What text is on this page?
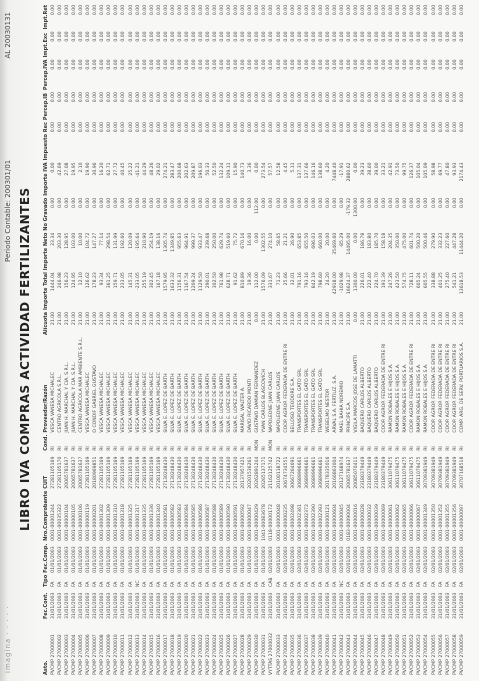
imagina · · · · ·
Periodo Contable: 200301/01
AL 20030131
LIBRO IVA COMPRAS ACTIVIDAD FERTILIZANTES
Asto.	Fec.Cont.	Tipo	Fec.Comp.	Nro.Comprobante	CUIT	Cond.	Proveedor/Razón	Alícuota	Importe Total	Importe Neto	No Gravado	Importe IVA	Impuesto Rec	Percep.IB	Percep.IVA	Impt.Exc	Impt.Ret
PVCMP 27000001	31/01/2003	FA	01/01/2003	0001-00001244	27281105169	RI	VESCA VANESA MICHALEC	21.00	1444.04	23.34	0.00	0.00	0.00	0.00	0.00	0.00	0.00
PVCMP 27000002	31/01/2003	FA	01/01/2003	0001-00035322	27281105170	RI	CENTRO AGRICOLA S.R.L.	21.00	246.98	203.30	0.00	42.69	0.00	0.00	0.00	0.00	0.00
PVCMP 27000003	31/01/2003	FA	01/01/2003	0001-00000104	20065781637	RI	JUAN H. MARCHAL Y CIA. S.R.L.	21.00	156.23	128.95	0.00	27.08	0.00	0.00	0.00	0.00	0.00
PVCMP 27000004	31/01/2003	FA	01/01/2003	0001-00000105	20065781637	RI	JUAN H. MARCHAL Y CIA. S.R.L.	21.00	124.95	103.00	0.00	19.95	0.00	0.00	0.00	0.00	0.00
PVCMP 27000005	31/01/2003	FA	01/01/2003	0001-00000106	20065781637	RI	CENTRO AGRICOLA MAR AMBIENTE S.R.L.	21.00	12.10	10.00	0.00	2.10	0.00	0.00	0.00	0.00	0.00
PVCMP 27000006	31/01/2003	FA	01/01/2003	0001-00000119	27281105169	RI	VESCA VANESA MICHALEC	21.00	126.62	104.72	0.00	19.90	0.00	0.00	0.00	0.00	0.00
PVCMP 27000007	31/01/2003	FA	01/01/2003	0001-00000201	20180969851	RI	O CONDIF GABRIEL GUSTAVO	21.00	178.23	147.27	0.00	30.96	0.00	0.00	0.00	0.00	0.00
PVCMP 27000008	31/01/2003	FA	01/01/2003	0001-00001302	27281105169	RI	VESCA VANESA MICHALEC	21.00	93.34	77.14	0.00	16.20	0.00	0.00	0.00	0.00	0.00
PVCMP 27000009	31/01/2003	FA	01/01/2003	0001-00001309	27281105169	RI	VESCA VANESA MICHALEC	21.00	361.25	298.54	0.00	62.71	0.00	0.00	0.00	0.00	0.00
PVCMP 27000010	31/01/2003	FA	01/01/2003	0001-00001310	27281105169	RI	VESCA VANESA MICHALEC	21.00	159.71	131.99	0.00	27.72	0.00	0.00	0.00	0.00	0.00
PVCMP 27000011	31/01/2003	FA	01/01/2003	0001-00001318	27281105169	RI	VESCA VANESA MICHALEC	21.00	233.05	192.60	0.00	40.45	0.00	0.00	0.00	0.00	0.00
PVCMP 27000012	31/01/2003	FA	01/01/2003	0001-00001325	27281105169	RI	VESCA VANESA MICHALEC	21.00	145.31	120.09	0.00	25.22	0.00	0.00	0.00	0.00	0.00
PVCMP 27000013	31/01/2003	NC	01/01/2003	0001-00001317	27281105169	RI	VESCA VANESA MICHALEC	21.00	-233.05	-195.64	0.00	-41.21	0.00	0.00	0.00	0.00	0.00
PVCMP 27000014	31/01/2003	FA	01/01/2003	0001-00001335	27281105169	RI	VESCA VANESA MICHALEC	21.00	255.19	210.90	0.00	44.29	0.00	0.00	0.00	0.00	0.00
PVCMP 27000015	31/01/2003	FA	01/01/2003	0001-00001336	27281105169	RI	VESCA VANESA MICHALEC	21.00	302.45	254.19	0.00	48.26	0.00	0.00	0.00	0.00	0.00
PVCMP 27000016	31/01/2003	FA	01/01/2003	0001-00001340	27281105169	RI	VESCA VANESA MICHALEC	21.00	167.18	138.16	0.00	29.02	0.00	0.00	0.00	0.00	0.00
PVCMP 27000017	31/01/2003	FA	01/01/2003	0001-00000581	27130248430	RI	SILVA E. LOPEZ DE BARTH	21.00	1579.95	1305.74	0.00	274.21	0.00	0.00	0.00	0.00	0.00
PVCMP 27000018	31/01/2003	FA	01/01/2003	0001-00000582	27130248430	RI	SILVA E. LOPEZ DE BARTH	21.00	1633.32	1349.85	0.00	283.47	0.00	0.00	0.00	0.00	0.00
PVCMP 27000019	31/01/2003	FA	01/01/2003	0001-00000583	27130248430	RI	SILVA E. LOPEZ DE BARTH	21.00	1156.31	955.63	0.00	200.68	0.00	0.00	0.00	0.00	0.00
PVCMP 27000020	31/01/2003	FA	01/01/2003	0001-00000584	27130248430	RI	SILVA E. LOPEZ DE BARTH	21.00	1167.54	964.91	0.00	202.63	0.00	0.00	0.00	0.00	0.00
PVCMP 27000021	31/01/2003	FA	01/01/2003	0001-00000585	27130248430	RI	SILVA E. LOPEZ DE BARTH	21.00	1209.24	999.37	0.00	209.87	0.00	0.00	0.00	0.00	0.00
PVCMP 27000022	31/01/2003	FA	01/01/2003	0001-00000586	27130248430	RI	SILVA E. LOPEZ DE BARTH	21.00	1129.50	933.47	0.00	196.03	0.00	0.00	0.00	0.00	0.00
PVCMP 27000023	31/01/2003	FA	01/01/2003	0001-00000587	27130248430	RI	SILVA E. LOPEZ DE BARTH	21.00	290.01	239.68	0.00	50.33	0.00	0.00	0.00	0.00	0.00
PVCMP 27000024	31/01/2003	FA	01/01/2003	0001-00000588	27130248430	RI	SILVA E. LOPEZ DE BARTH	21.00	302.50	250.00	0.00	52.50	0.00	0.00	0.00	0.00	0.00
PVCMP 27000025	31/01/2003	FA	01/01/2003	0001-00000589	27130248430	RI	SILVA E. LOPEZ DE BARTH	21.00	761.98	629.74	0.00	132.24	0.00	0.00	0.00	0.00	0.00
PVCMP 27000026	31/01/2003	FA	01/01/2003	0001-00000590	27130248430	RI	SILVA E. LOPEZ DE BARTH	21.00	628.71	519.60	0.00	109.11	0.00	0.00	0.00	0.00	0.00
PVCMP 27000027	31/01/2003	FA	01/01/2003	0001-00000591	27130248430	RI	SILVA E. LOPEZ DE BARTH	21.00	91.62	75.72	0.00	15.90	0.00	0.00	0.00	0.00	0.00
PVCMP 27000028	31/01/2003	FA	01/01/2003	0001-00000592	20137957421	RI	MARISAL WALTER A.	21.00	810.89	670.16	0.00	140.73	0.00	0.00	0.00	0.00	0.00
PVCMP 27000029	31/01/2003	FA	01/01/2003	0001-00000047	20201536261	RI	DAVID RICARDO MONTI	21.00	19.36	16.00	0.00	3.36	0.00	0.00	0.00	0.00	0.00
PVCMP 27000030	31/01/2003	FA	01/01/2003	0001-00000429	20262891244	MON	GUSTAVO DAMIAN FERNANDEZ	0.00	112.00	0.00	112.00	0.00	0.00	0.00	0.00	0.00	0.00
PVCMP 27000031	31/01/2003	FA	01/01/2003	1041-00083678	20265137171	RI	YVAN CARLOS BLASCOVICH	21.00	1576.09	1302.55	0.00	273.54	0.00	0.00	0.00	0.00	0.00
VYTTAS 27000032	31/01/2003	CAB	02/01/2003	0118-00000172	21162125742	MON	NAPOLEONE JUAN CARLOS	21.00	331.67	274.10	0.00	57.57	0.00	0.00	0.00	0.00	0.00
PVCMP 27000033	31/01/2003	FA	02/01/2003	0001-00000048	20100118722	RI	NAPOLEONE JUAN CARLOS	21.00	71.23	58.65	0.00	12.58	0.00	0.00	0.00	0.00	0.00
PVCMP 27000034	31/01/2003	FA	02/01/2003	0001-00000235	30674734551	RI	COOP. AGROP. FEDERADA DE ENTRE RI	21.00	25.66	21.21	0.00	4.45	0.00	0.00	0.00	0.00	0.00
PVCMP 27000035	31/01/2003	FA	02/01/2003	0001-00002498	30667264691	RI	BELLOSO TEODORE S.A.	21.00	32.01	26.90	0.00	5.11	0.00	0.00	0.00	0.00	0.00
PVCMP 27000036	31/01/2003	FA	02/01/2003	0001-00002361	30689996661	RI	TRANSPORTES EL GATO SRL	21.00	791.16	653.85	0.00	137.31	0.00	0.00	0.00	0.00	0.00
PVCMP 27000037	31/01/2003	FA	02/01/2003	0001-00002372	30689996661	RI	TRANSPORTES EL GATO SRL	21.00	793.16	655.50	0.00	137.66	0.00	0.00	0.00	0.00	0.00
PVCMP 27000038	31/01/2003	FA	02/01/2003	0001-00002390	30689996661	RI	TRANSPORTES EL GATO SRL	21.00	842.19	696.03	0.00	146.16	0.00	0.00	0.00	0.00	0.00
PVCMP 27000039	31/01/2003	FA	02/01/2003	0001-00002393	30689996661	RI	TRANSPORTES EL GATO SRL	21.00	798.60	660.00	0.00	138.60	0.00	0.00	0.00	0.00	0.00
PVCMP 27000040	31/01/2003	FA	02/01/2003	0001-00000121	20178335016	RI	WEBELMO NESTOR	21.00	24.20	20.00	0.00	4.20	0.00	0.00	0.00	0.00	0.00
PVCMP 27000041	31/01/2003	FA	02/01/2003	0001-00000604	20166863004	RI	ARVAL S.A. FERTILIZ. S.A.	21.00	42918.00	35469.60	0.00	7448.40	0.00	0.00	0.00	0.00	0.00
PVCMP 27000042	31/01/2003	NC	02/01/2003	0001-00000045	20127168974	RI	MAEL BAHIA NOREMIO	21.00	-1029.98	-85.29	0.00	-17.91	0.00	0.00	0.00	0.00	0.00
PVCMP 27000043	31/01/2003	FA	02/01/2003	0183-00090004	20065781637	RI	PRINCIPE S.A.	21.00	16624.37	14495.00	-179.32	2880.62	0.00	0.00	0.00	0.00	0.00
PVCMP 27000044	31/01/2003	FA	02/01/2003	0001-00000016	20085070411	RI	VIGILA MARCOS JOSE DE LAMATTI	0.00	1300.00	0.00	1300.00	0.00	0.00	0.00	0.00	0.00	0.00
PVCMP 27000045	31/01/2003	FA	02/01/2003	0001-00000028	23180379449	RI	BAQUERO CARLOS ALBERTO	21.00	226.01	186.78	0.00	39.23	0.00	0.00	0.00	0.00	0.00
PVCMP 27000046	31/01/2003	FA	02/01/2003	0001-00000032	23180379449	RI	BAQUERO CARLOS ALBERTO	21.00	222.40	183.80	0.00	38.60	0.00	0.00	0.00	0.00	0.00
PVCMP 27000047	31/01/2003	FA	02/01/2003	0001-00000039	23180379449	RI	BAQUERO CARLOS ALBERTO	21.00	224.70	185.70	0.00	39.00	0.00	0.00	0.00	0.00	0.00
PVCMP 27000048	31/01/2003	FA	02/01/2003	0001-00000069	23180379449	RI	COOP. AGROP. FEDERADA DE ENTRE RI	21.00	191.39	158.18	0.00	33.21	0.00	0.00	0.00	0.00	0.00
PVCMP 27000049	31/01/2003	FA	02/01/2003	0001-00000061	30611079475	RI	RAMON ROBALES E HIJOS S.A.	21.00	247.26	204.35	0.00	42.91	0.00	0.00	0.00	0.00	0.00
PVCMP 27000050	31/01/2003	FA	02/01/2003	0001-00000062	30611079475	RI	RAMON ROBALES E HIJOS S.A.	21.00	423.50	350.00	0.00	73.50	0.00	0.00	0.00	0.00	0.00
PVCMP 27000051	31/01/2003	FA	02/01/2003	0001-00000065	30611079475	RI	RAMON ROBALES E HIJOS S.A.	21.00	574.75	475.00	0.00	99.75	0.00	0.00	0.00	0.00	0.00
PVCMP 27000052	31/01/2003	FA	02/01/2003	0001-00000066	30611079475	RI	COOP. AGROP. FEDERADA DE ENTRE RI	21.00	728.11	601.74	0.00	126.37	0.00	0.00	0.00	0.00	0.00
PVCMP 27000053	31/01/2003	FA	02/01/2003	0001-00000067	30611079475	RI	RAMON ROBALES E HIJOS S.A.	21.00	605.24	500.20	0.00	105.04	0.00	0.00	0.00	0.00	0.00
PVCMP 27000054	31/01/2003	FA	02/01/2003	0001-00001349	30709381949	RI	RAMON ROBALES E HIJOS S.A.	21.00	605.55	500.46	0.00	105.09	0.00	0.00	0.00	0.00	0.00
PVCMP 27000055	31/01/2003	FA	02/01/2003	0001-00001350	30709381949	RI	COOP. AGROP. FEDERADA DE ENTRE RI	21.00	338.88	279.90	0.00	58.98	0.00	0.00	0.00	0.00	0.00
PVCMP 27000056	31/01/2003	FA	02/01/2003	0001-00001352	30709381949	RI	COOP. AGROP. FEDERADA DE ENTRE RI	21.00	401.25	332.23	0.00	69.77	0.00	0.00	0.00	0.00	0.00
PVCMP 27000057	31/01/2003	FA	02/01/2003	0001-00001355	30709381949	RI	COOP. AGROP. FEDERADA DE ENTRE RI	21.00	275.40	227.60	0.00	47.80	0.00	0.00	0.00	0.00	0.00
PVCMP 27000058	31/01/2003	FA	02/01/2003	0001-00001356	30709381949	RI	COOP. AGROP. FEDERADA DE ENTRE RI	21.00	541.21	447.28	0.00	93.93	0.00	0.00	0.00	0.00	0.00
PVCMP 27000059	31/01/2003	FA	02/01/2003	0001-00000097	30707168518	RI	COMP. ARG. DE SERV. PORTUARIOS S.A.	21.00	13618.53	11444.20	0.00	2174.43	0.00	0.00	0.00	0.00	0.00
